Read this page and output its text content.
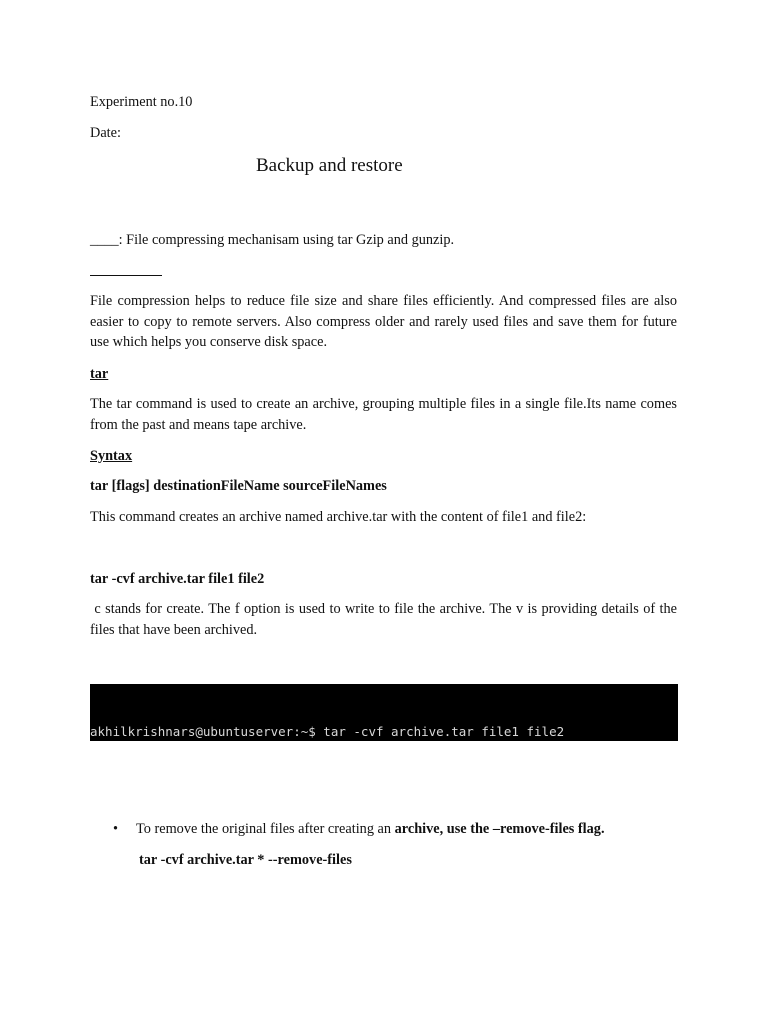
Experiment no.10

Date:

Backup and restore

____: File compressing mechanisam using tar Gzip and gunzip.

File compression helps to reduce file size and share files efficiently. And compressed files are also easier to copy to remote servers. Also compress older and rarely used files and save them for future use which helps you conserve disk space.

tar

The tar command is used to create an archive, grouping multiple files in a single file.Its name comes from the past and means tape archive.

Syntax

tar [flags] destinationFileName sourceFileNames

This command creates an archive named archive.tar with the content of file1 and file2:

tar -cvf archive.tar file1 file2

c stands for create. The f option is used to write to file the archive. The v is providing details of the files that have been archived.

akhilkrishnars@ubuntuserver:~$ tar -cvf archive.tar file1 file2

• To remove the original files after creating an archive, use the –remove-files flag.

tar -cvf archive.tar * --remove-files
